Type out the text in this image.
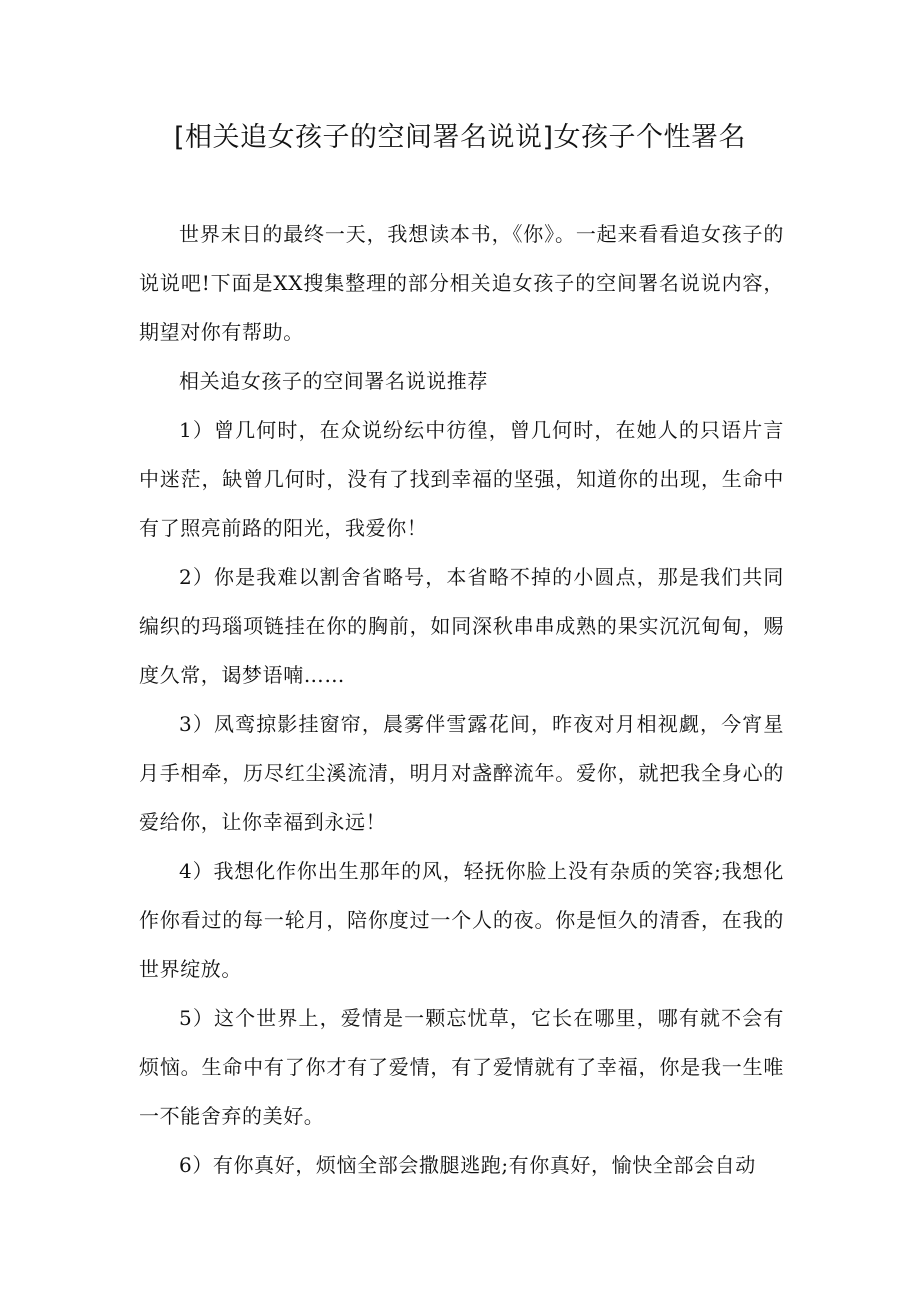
[相关追女孩子的空间署名说说]女孩子个性署名

世界末日的最终一天，我想读本书，《你》。一起来看看追女孩子的说说吧!下面是XX搜集整理的部分相关追女孩子的空间署名说说内容，期望对你有帮助。

相关追女孩子的空间署名说说推荐

1）曾几何时，在众说纷纭中彷徨，曾几何时，在她人的只语片言中迷茫，缺曾几何时，没有了找到幸福的坚强，知道你的出现，生命中有了照亮前路的阳光，我爱你！

2）你是我难以割舍省略号，本省略不掉的小圆点，那是我们共同编织的玛瑙项链挂在你的胸前，如同深秋串串成熟的果实沉沉甸甸，赐度久常，谒梦语喃……

3）凤鸾掠影挂窗帘，晨雾伴雪露花间，昨夜对月相视觑，今宵星月手相牵，历尽红尘溪流清，明月对盏醉流年。爱你，就把我全身心的爱给你，让你幸福到永远！

4）我想化作你出生那年的风，轻抚你脸上没有杂质的笑容;我想化作你看过的每一轮月，陪你度过一个人的夜。你是恒久的清香，在我的世界绽放。

5）这个世界上，爱情是一颗忘忧草，它长在哪里，哪有就不会有烦恼。生命中有了你才有了爱情，有了爱情就有了幸福，你是我一生唯一不能舍弃的美好。

6）有你真好，烦恼全部会撒腿逃跑;有你真好，愉快全部会自动
